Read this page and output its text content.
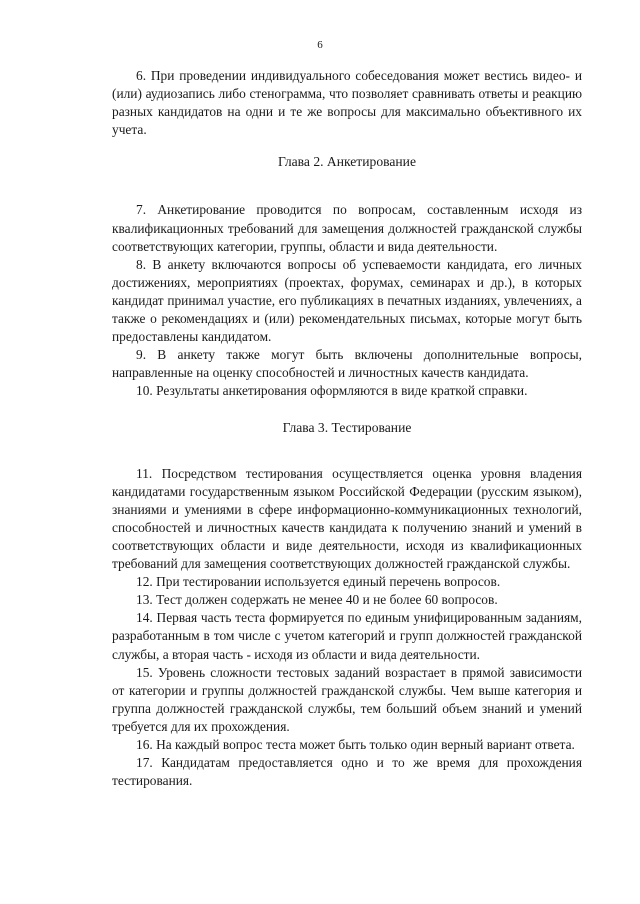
6

6. При проведении индивидуального собеседования может вестись видео- и (или) аудиозапись либо стенограмма, что позволяет сравнивать ответы и реакцию разных кандидатов на одни и те же вопросы для максимально объективного их учета.

Глава 2. Анкетирование

7. Анкетирование проводится по вопросам, составленным исходя из квалификационных требований для замещения должностей гражданской службы соответствующих категории, группы, области и вида деятельности.

8. В анкету включаются вопросы об успеваемости кандидата, его личных достижениях, мероприятиях (проектах, форумах, семинарах и др.), в которых кандидат принимал участие, его публикациях в печатных изданиях, увлечениях, а также о рекомендациях и (или) рекомендательных письмах, которые могут быть предоставлены кандидатом.

9. В анкету также могут быть включены дополнительные вопросы, направленные на оценку способностей и личностных качеств кандидата.

10. Результаты анкетирования оформляются в виде краткой справки.

Глава 3. Тестирование

11. Посредством тестирования осуществляется оценка уровня владения кандидатами государственным языком Российской Федерации (русским языком), знаниями и умениями в сфере информационно-коммуникационных технологий, способностей и личностных качеств кандидата к получению знаний и умений в соответствующих области и виде деятельности, исходя из квалификационных требований для замещения соответствующих должностей гражданской службы.

12. При тестировании используется единый перечень вопросов.

13. Тест должен содержать не менее 40 и не более 60 вопросов.

14. Первая часть теста формируется по единым унифицированным заданиям, разработанным в том числе с учетом категорий и групп должностей гражданской службы, а вторая часть - исходя из области и вида деятельности.

15. Уровень сложности тестовых заданий возрастает в прямой зависимости от категории и группы должностей гражданской службы. Чем выше категория и группа должностей гражданской службы, тем больший объем знаний и умений требуется для их прохождения.

16. На каждый вопрос теста может быть только один верный вариант ответа.

17. Кандидатам предоставляется одно и то же время для прохождения тестирования.
